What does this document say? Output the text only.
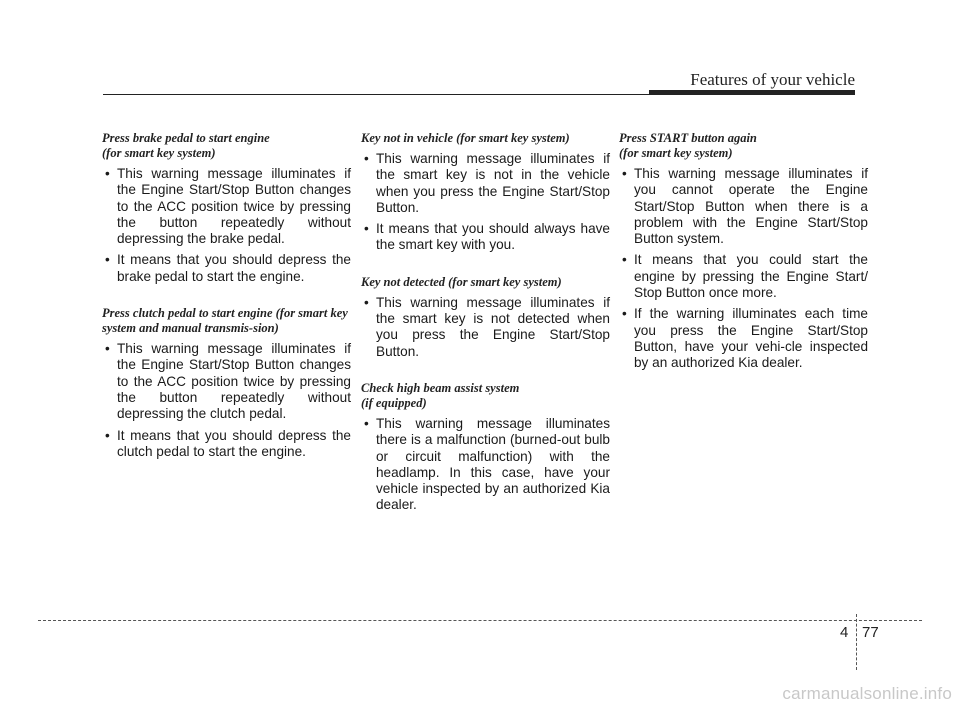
Features of your vehicle
Press brake pedal to start engine
(for smart key system)
• This warning message illuminates if the Engine Start/Stop Button changes to the ACC position twice by pressing the button repeatedly without depressing the brake pedal.
• It means that you should depress the brake pedal to start the engine.
Press clutch pedal to start engine (for smart key system and manual transmis-sion)
• This warning message illuminates if the Engine Start/Stop Button changes to the ACC position twice by pressing the button repeatedly without depressing the clutch pedal.
• It means that you should depress the clutch pedal to start the engine.
Key not in vehicle (for smart key system)
• This warning message illuminates if the smart key is not in the vehicle when you press the Engine Start/Stop Button.
• It means that you should always have the smart key with you.
Key not detected (for smart key system)
• This warning message illuminates if the smart key is not detected when you press the Engine Start/Stop Button.
Check high beam assist system
(if equipped)
• This warning message illuminates there is a malfunction (burned-out bulb or circuit malfunction) with the headlamp. In this case, have your vehicle inspected by an authorized Kia dealer.
Press START button again
(for smart key system)
• This warning message illuminates if you cannot operate the Engine Start/Stop Button when there is a problem with the Engine Start/Stop Button system.
• It means that you could start the engine by pressing the Engine Start/ Stop Button once more.
• If the warning illuminates each time you press the Engine Start/Stop Button, have your vehi-cle inspected by an authorized Kia dealer.
4 77
carmanualsonline.info
